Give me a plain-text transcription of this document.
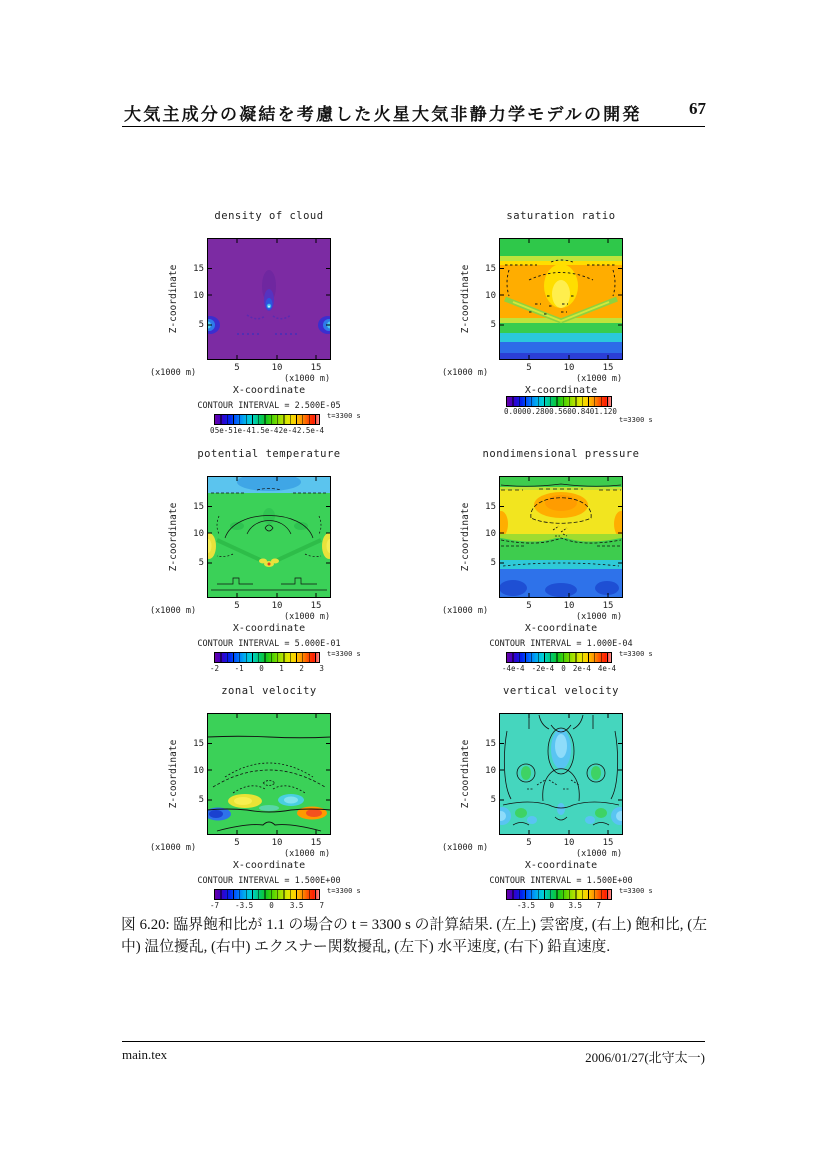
大気主成分の凝結を考慮した火星大気非静力学モデルの開発	67
density of cloud
Z-coordinate	15
10
5
5	10	15
(x1000 m)
(x1000 m)
X-coordinate
CONTOUR INTERVAL = 2.500E-05
0 5e-5 1e-4 1.5e-4 2e-4 2.5e-4
t=3300 s
saturation ratio
Z-coordinate	15
10
5
5	10	15
(x1000 m)
(x1000 m)
X-coordinate
0.000 0.280 0.560 0.840 1.120
t=3300 s
potential temperature
Z-coordinate	15
10
5
5	10	15
(x1000 m)
(x1000 m)
X-coordinate
CONTOUR INTERVAL = 5.000E-01
-2 -1 0 1 2 3
t=3300 s
nondimensional pressure
Z-coordinate	15
10
5
5	10	15
(x1000 m)
(x1000 m)
X-coordinate
CONTOUR INTERVAL = 1.000E-04
-4e-4 -2e-4 0 2e-4 4e-4
t=3300 s
zonal velocity
Z-coordinate	15
10
5
5	10	15
(x1000 m)
(x1000 m)
X-coordinate
CONTOUR INTERVAL = 1.500E+00
-7 -3.5 0 3.5 7
t=3300 s
vertical velocity
Z-coordinate	15
10
5
5	10	15
(x1000 m)
(x1000 m)
X-coordinate
CONTOUR INTERVAL = 1.500E+00
-3.5 0 3.5 7
t=3300 s
図 6.20: 臨界飽和比が 1.1 の場合の t = 3300 s の計算結果. (左上) 雲密度, (右上) 飽和比, (左中) 温位擾乱, (右中) エクスナー関数擾乱, (左下) 水平速度, (右下) 鉛直速度.
main.tex	2006/01/27(北守太一)
